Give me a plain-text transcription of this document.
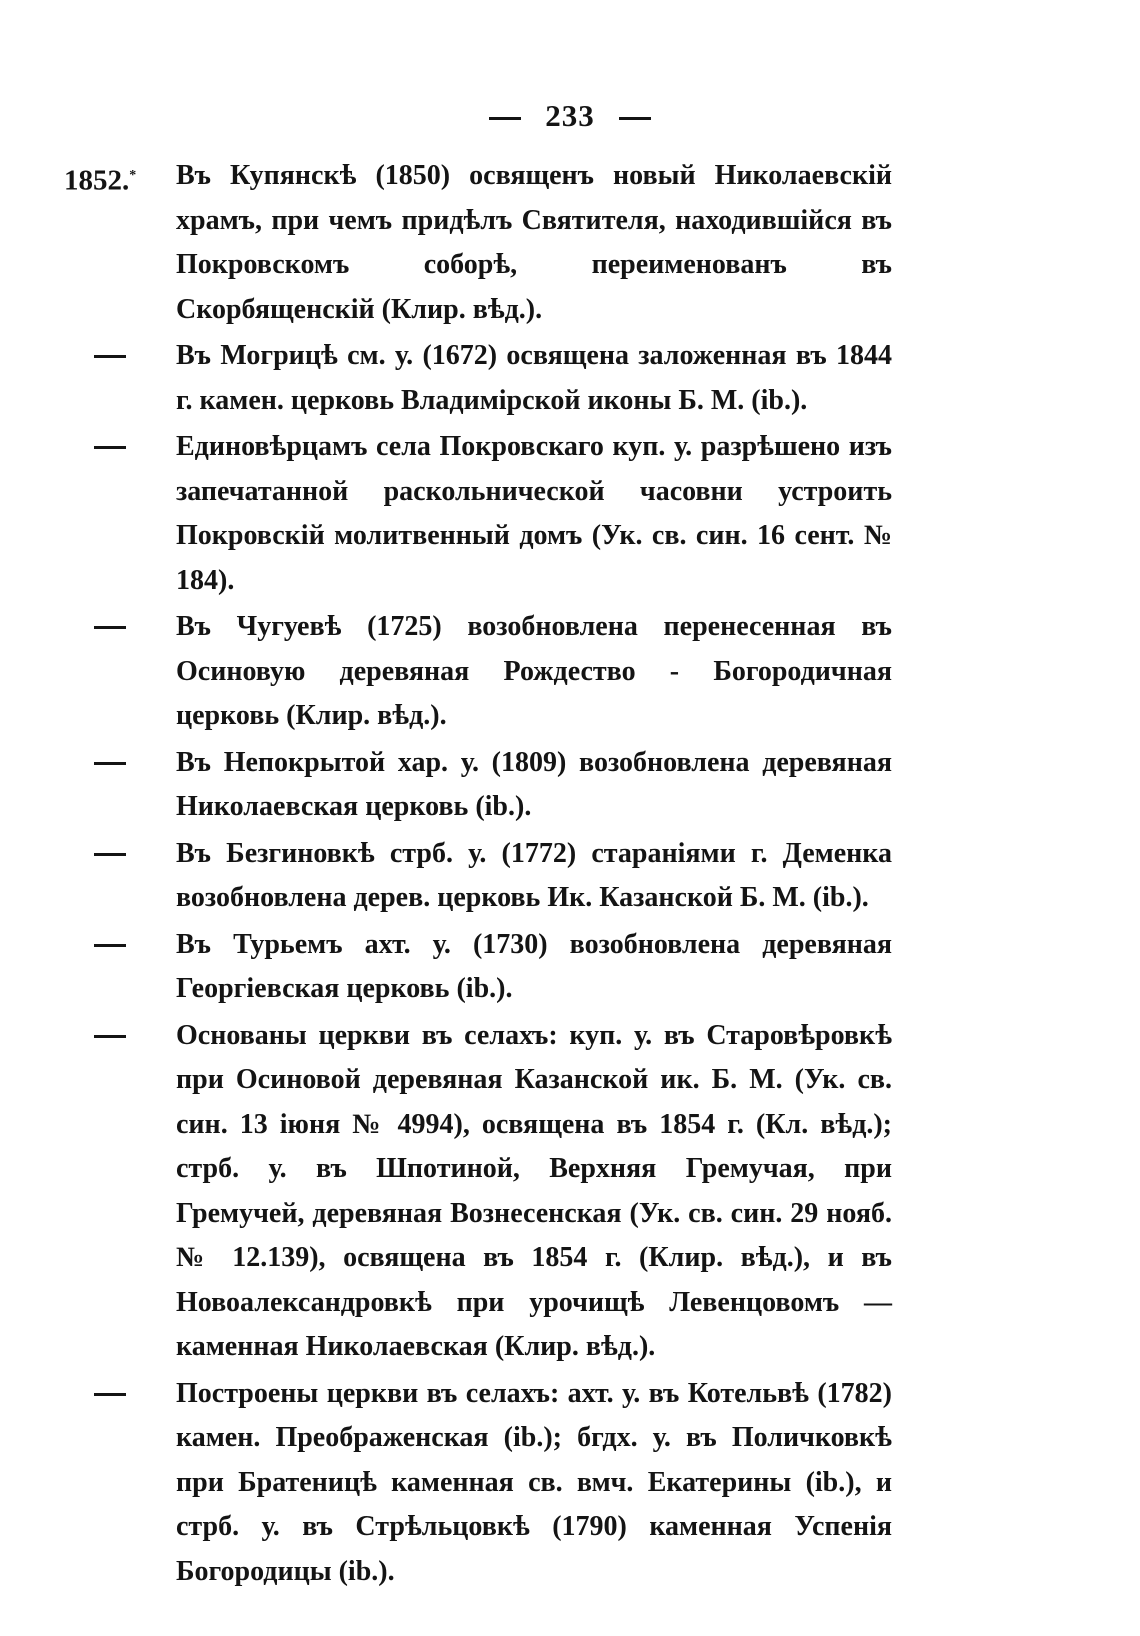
233
1852.*	Въ Купянскѣ (1850) освященъ новый Николаевскій храмъ, при чемъ придѣлъ Святителя, находившійся въ Покровскомъ соборѣ, переименованъ въ Скорбященскій (Клир. вѣд.).
Въ Могрицѣ см. у. (1672) освящена заложенная въ 1844 г. камен. церковь Владимірской иконы Б. М. (ib.).
Единовѣрцамъ села Покровскаго куп. у. разрѣшено изъ запечатанной раскольнической часовни устроить Покровскій молитвенный домъ (Ук. св. син. 16 сент. № 184).
Въ Чугуевѣ (1725) возобновлена перенесенная въ Осиновую деревяная Рождество - Богородичная церковь (Клир. вѣд.).
Въ Непокрытой хар. у. (1809) возобновлена деревяная Николаевская церковь (ib.).
Въ Безгиновкѣ стрб. у. (1772) стараніями г. Деменка возобновлена дерев. церковь Ик. Казанской Б. М. (ib.).
Въ Турьемъ ахт. у. (1730) возобновлена деревяная Георгіевская церковь (ib.).
Основаны церкви въ селахъ: куп. у. въ Старовѣровкѣ при Осиновой деревяная Казанской ик. Б. М. (Ук. св. син. 13 іюня № 4994), освящена въ 1854 г. (Кл. вѣд.); стрб. у. въ Шпотиной, Верхняя Гремучая, при Гремучей, деревяная Вознесенская (Ук. св. син. 29 нояб. № 12.139), освящена въ 1854 г. (Клир. вѣд.), и въ Новоалександровкѣ при урочищѣ Левенцовомъ — каменная Николаевская (Клир. вѣд.).
Построены церкви въ селахъ: ахт. у. въ Котельвѣ (1782) камен. Преображенская (ib.); бгдх. у. въ Поличковкѣ при Братеницѣ каменная св. вмч. Екатерины (ib.), и стрб. у. въ Стрѣльцовкѣ (1790) каменная Успенія Богородицы (ib.).
